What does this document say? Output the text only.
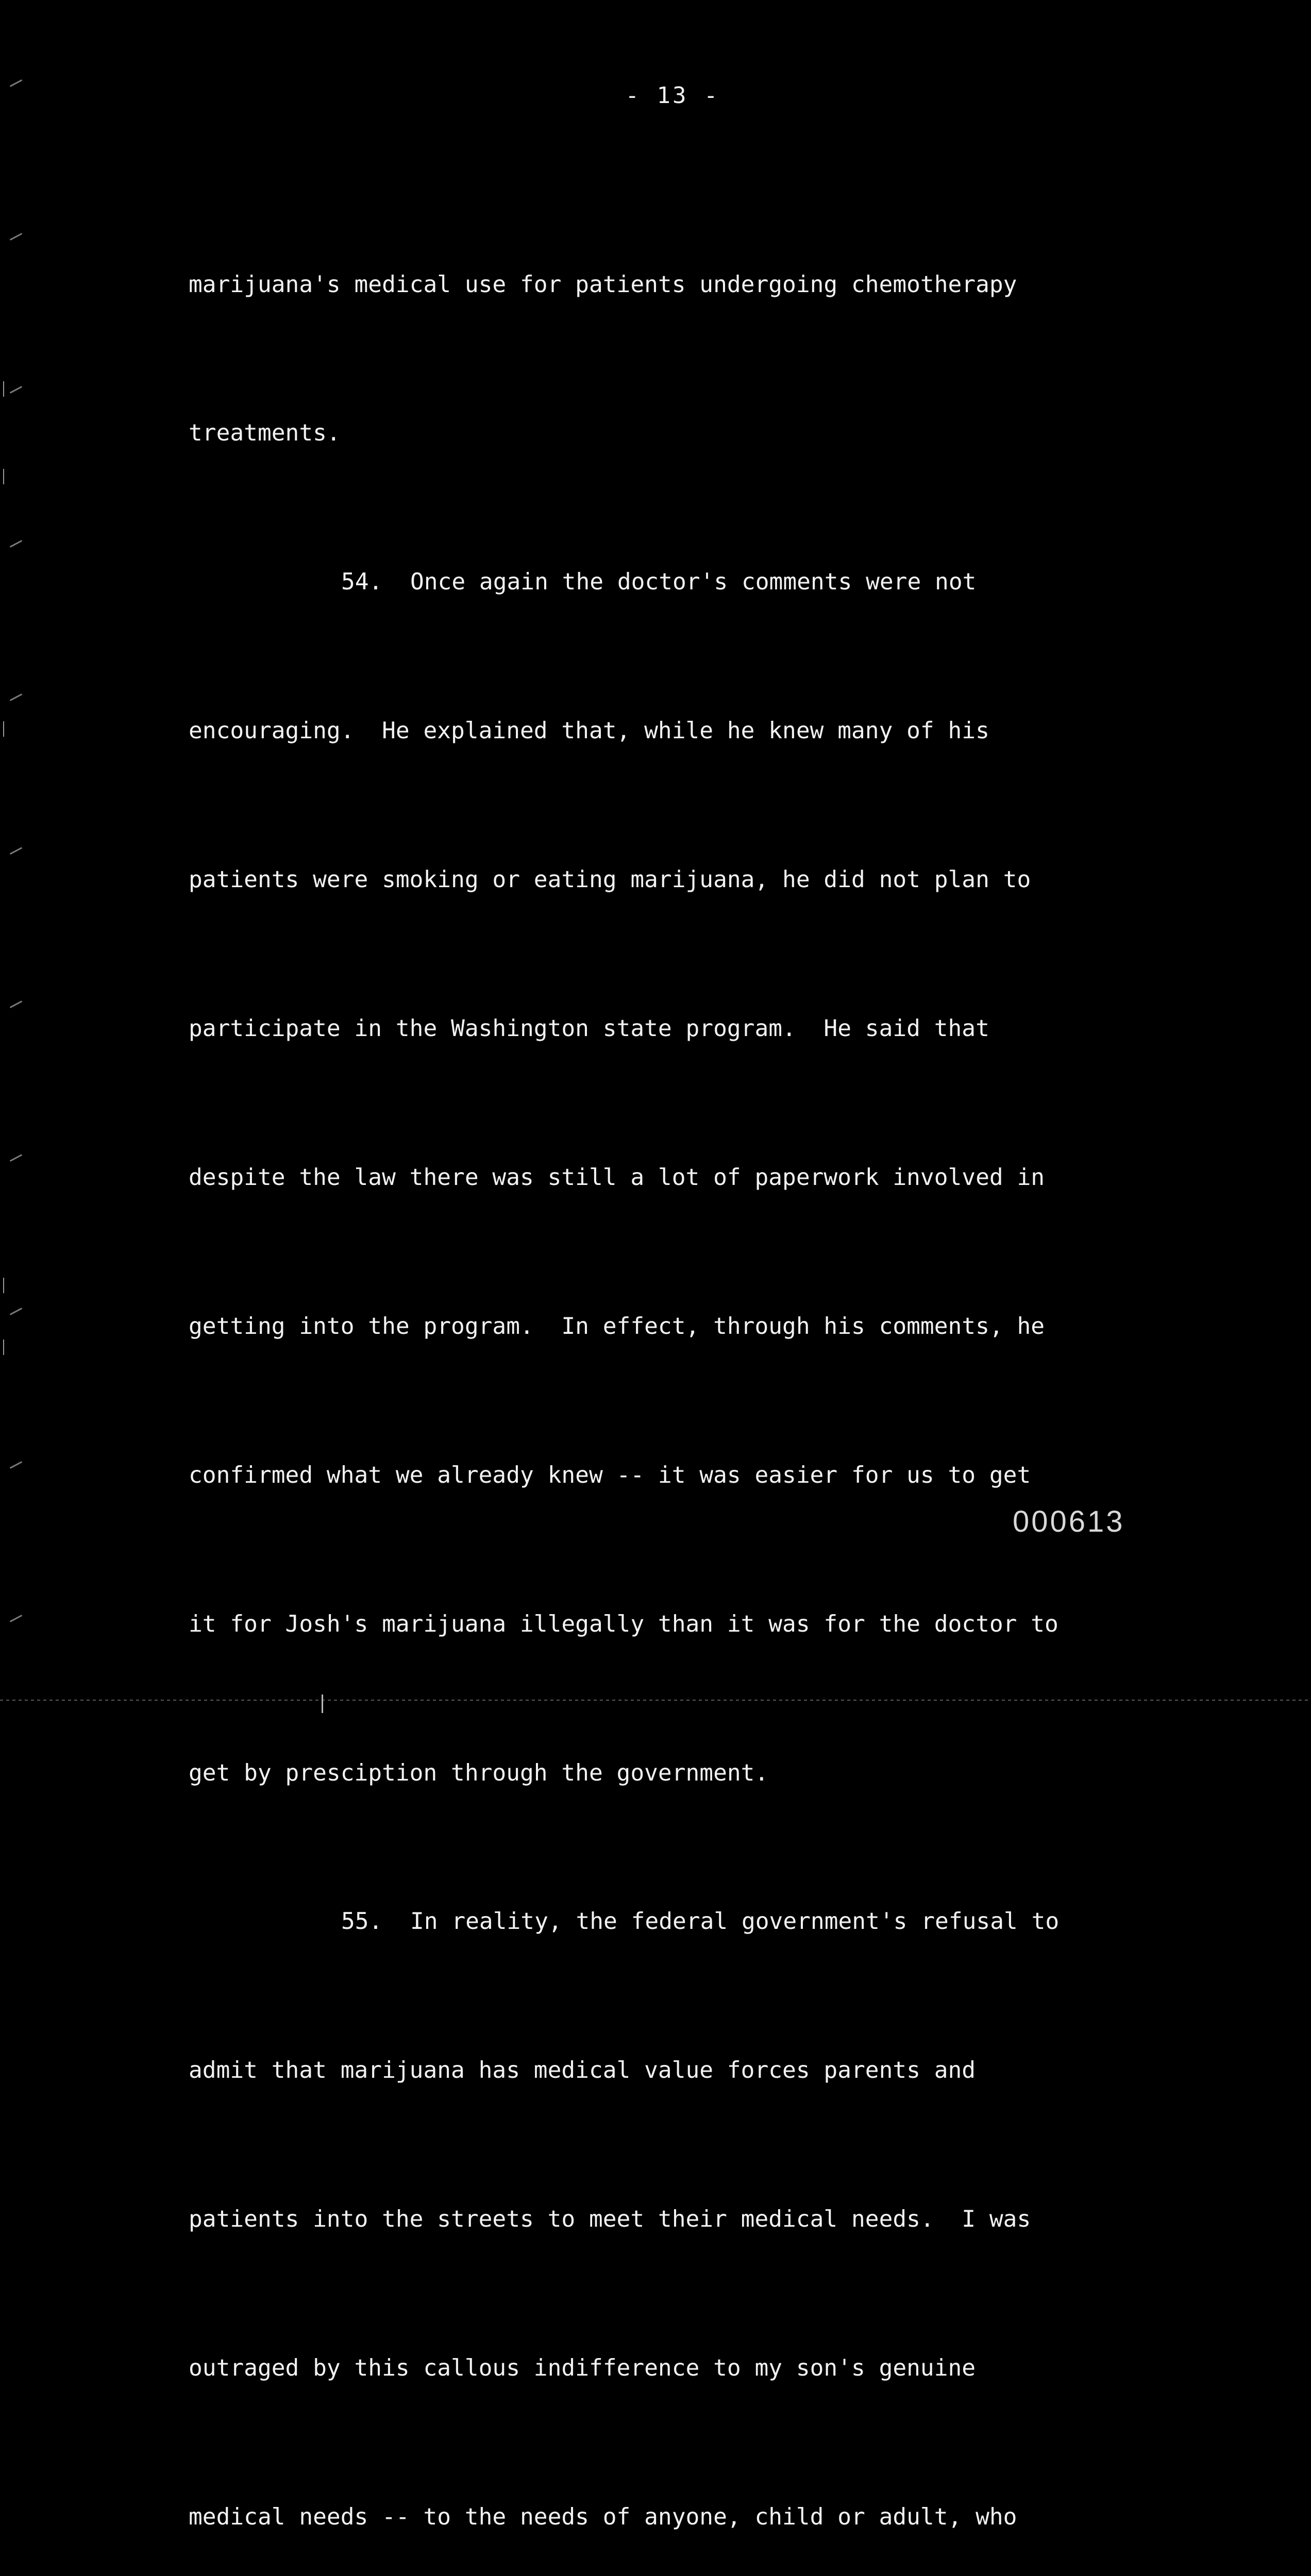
- 13 -

marijuana's medical use for patients undergoing chemotherapy

treatments.

54.  Once again the doctor's comments were not

encouraging.  He explained that, while he knew many of his

patients were smoking or eating marijuana, he did not plan to

participate in the Washington state program.  He said that

despite the law there was still a lot of paperwork involved in

getting into the program.  In effect, through his comments, he

confirmed what we already knew -- it was easier for us to get

it for Josh's marijuana illegally than it was for the doctor to

get by presciption through the government.

55.  In reality, the federal government's refusal to

admit that marijuana has medical value forces parents and

patients into the streets to meet their medical needs.  I was

outraged by this callous indifference to my son's genuine

medical needs -- to the needs of anyone, child or adult, who

000613
